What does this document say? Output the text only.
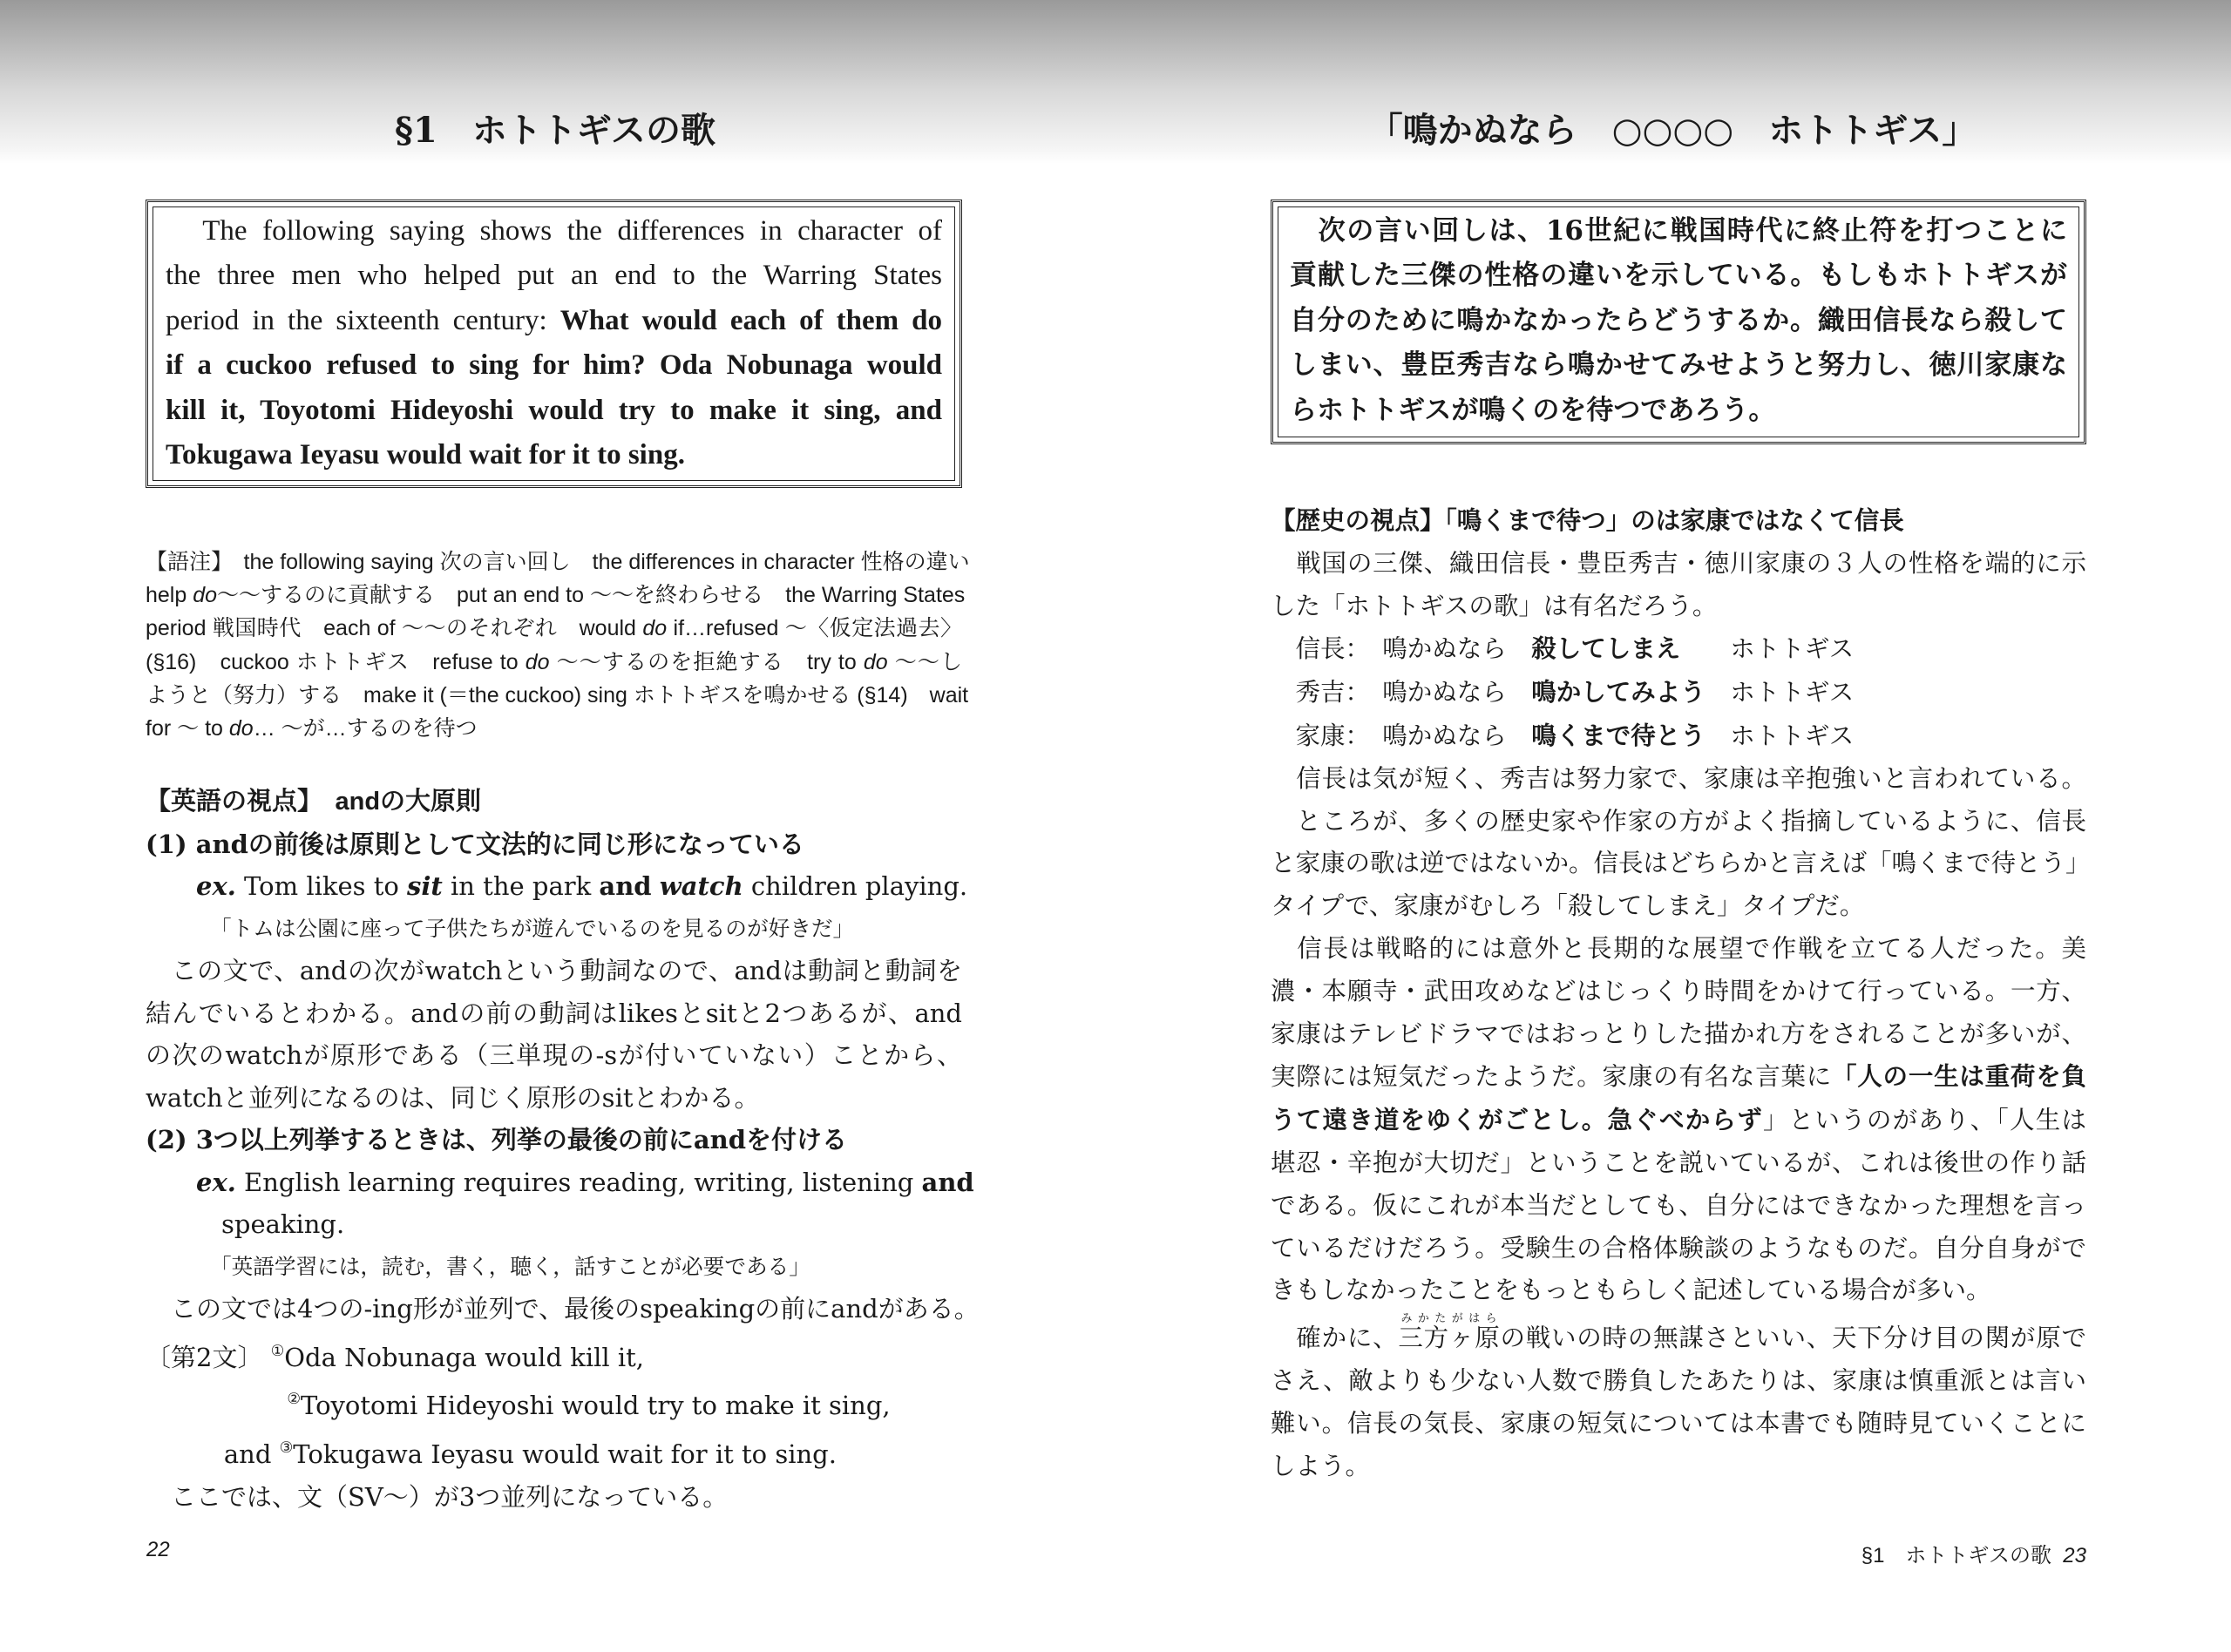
§1　ホトトギスの歌
　The following saying shows the differences in character of
the three men who helped put an end to the Warring States
period in the sixteenth century: What would each of them do
if a cuckoo refused to sing for him? Oda Nobunaga would
kill it, Toyotomi Hideyoshi would try to make it sing, and
Tokugawa Ieyasu would wait for it to sing.
【語注】　the following saying 次の言い回し　the differences in character 性格の違い
help do～～するのに貢献する　put an end to ～～を終わらせる　the Warring States
period 戦国時代　each of ～～のそれぞれ　would do if…refused ～〈仮定法過去〉
(§16)　cuckoo ホトトギス　refuse to do ～～するのを拒絶する　try to do ～～し
ようと（努力）する　make it (＝the cuckoo) sing ホトトギスを鳴かせる (§14)　wait
for ～ to do… ～が…するのを待つ
【英語の視点】　andの大原則
(1) andの前後は原則として文法的に同じ形になっている
ex. Tom likes to sit in the park and watch children playing.
「トムは公園に座って子供たちが遊んでいるのを見るのが好きだ」
　この文で、andの次がwatchという動詞なので、andは動詞と動詞を
結んでいるとわかる。andの前の動詞はlikesとsitと2つあるが、and
の次のwatchが原形である（三単現の-sが付いていない）ことから、
watchと並列になるのは、同じく原形のsitとわかる。
(2) 3つ以上列挙するときは、列挙の最後の前にandを付ける
ex. English learning requires reading, writing, listening and
speaking.
「英語学習には，読む，書く，聴く，話すことが必要である」
　この文では4つの-ing形が並列で、最後のspeakingの前にandがある。
〔第2文〕 ①Oda Nobunaga would kill it,
②Toyotomi Hideyoshi would try to make it sing,
and ③Tokugawa Ieyasu would wait for it to sing.
　ここでは、文（SV～）が3つ並列になっている。
22
「鳴かぬなら　○○○○　ホトトギス」
　次の言い回しは、16世紀に戦国時代に終止符を打つことに
貢献した三傑の性格の違いを示している。もしもホトトギスが
自分のために鳴かなかったらどうするか。織田信長なら殺して
しまい、豊臣秀吉なら鳴かせてみせようと努力し、徳川家康な
らホトトギスが鳴くのを待つであろう。
【歴史の視点】「鳴くまで待つ」のは家康ではなくて信長
　戦国の三傑、織田信長・豊臣秀吉・徳川家康の３人の性格を端的に示
した「ホトトギスの歌」は有名だろう。
信長：　鳴かぬなら　殺してしまえ　　ホトトギス
秀吉：　鳴かぬなら　鳴かしてみよう　ホトトギス
家康：　鳴かぬなら　鳴くまで待とう　ホトトギス
　信長は気が短く、秀吉は努力家で、家康は辛抱強いと言われている。
　ところが、多くの歴史家や作家の方がよく指摘しているように、信長
と家康の歌は逆ではないか。信長はどちらかと言えば「鳴くまで待とう」
タイプで、家康がむしろ「殺してしまえ」タイプだ。
　信長は戦略的には意外と長期的な展望で作戦を立てる人だった。美
濃・本願寺・武田攻めなどはじっくり時間をかけて行っている。一方、
家康はテレビドラマではおっとりした描かれ方をされることが多いが、
実際には短気だったようだ。家康の有名な言葉に「人の一生は重荷を負
うて遠き道をゆくがごとし。急ぐべからず」というのがあり、「人生は
堪忍・辛抱が大切だ」ということを説いているが、これは後世の作り話
である。仮にこれが本当だとしても、自分にはできなかった理想を言っ
ているだけだろう。受験生の合格体験談のようなものだ。自分自身がで
きもしなかったことをもっともらしく記述している場合が多い。
　確かに、三方ヶ原みかたがはらの戦いの時の無謀さといい、天下分け目の関が原で
さえ、敵よりも少ない人数で勝負したあたりは、家康は慎重派とは言い
難い。信長の気長、家康の短気については本書でも随時見ていくことに
しよう。
§1　ホトトギスの歌 23
